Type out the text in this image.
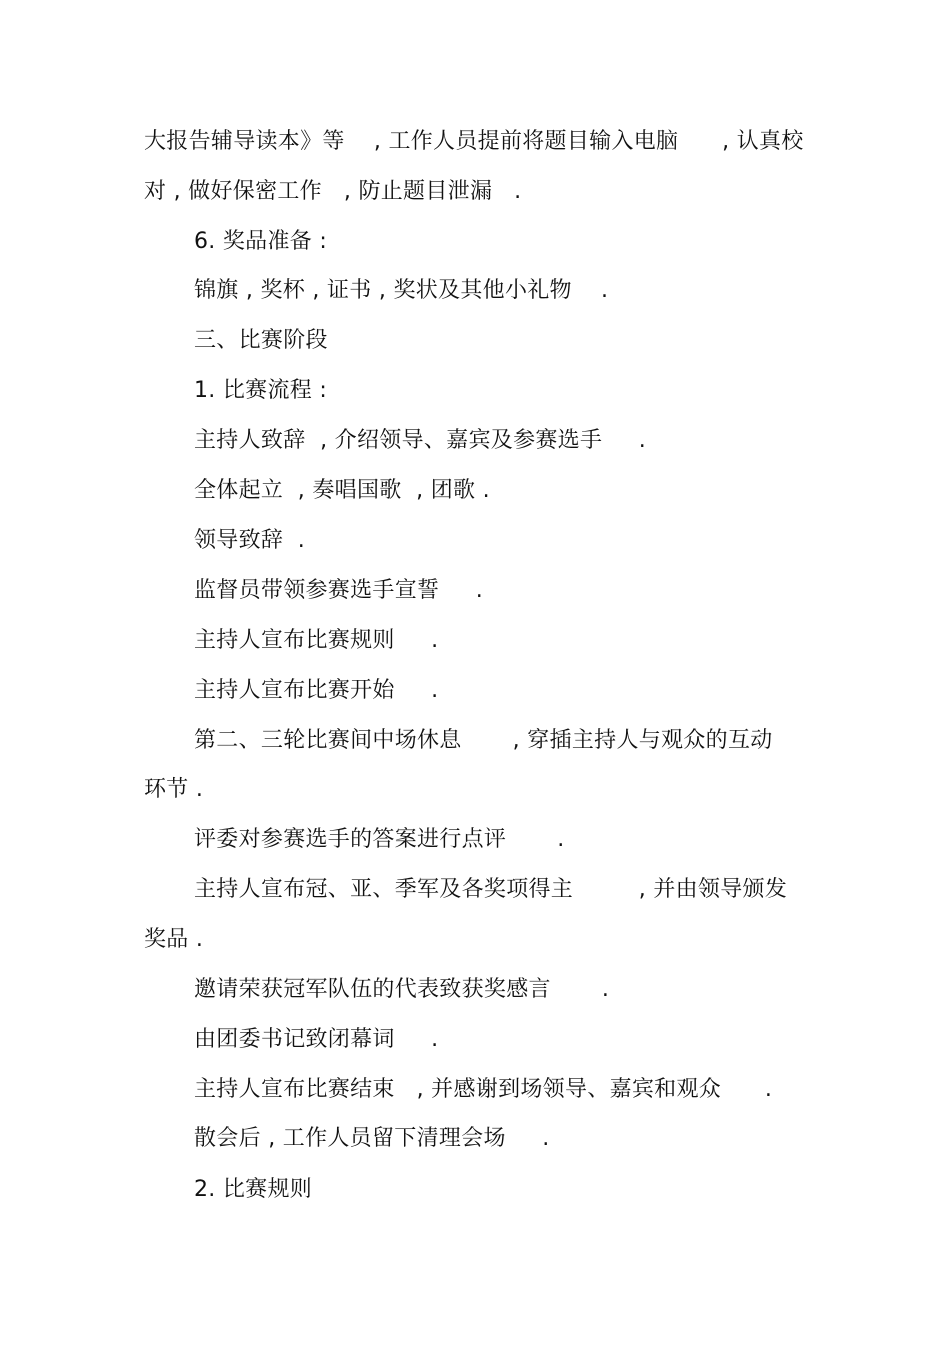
大报告辅导读本》等    , 工作人员提前将题目输入电脑      , 认真校
对 , 做好保密工作   , 防止题目泄漏   .
6. 奖品准备 :
锦旗 , 奖杯 , 证书 , 奖状及其他小礼物    .
三、比赛阶段
1. 比赛流程 :
主持人致辞  , 介绍领导、嘉宾及参赛选手     .
全体起立  , 奏唱国歌  , 团歌 .
领导致辞  .
监督员带领参赛选手宣誓     .
主持人宣布比赛规则     .
主持人宣布比赛开始     .
第二、三轮比赛间中场休息       , 穿插主持人与观众的互动
环节 .
评委对参赛选手的答案进行点评       .
主持人宣布冠、亚、季军及各奖项得主         , 并由领导颁发
奖品 .
邀请荣获冠军队伍的代表致获奖感言       .
由团委书记致闭幕词     .
主持人宣布比赛结束   , 并感谢到场领导、嘉宾和观众      .
散会后 , 工作人员留下清理会场     .
2. 比赛规则
